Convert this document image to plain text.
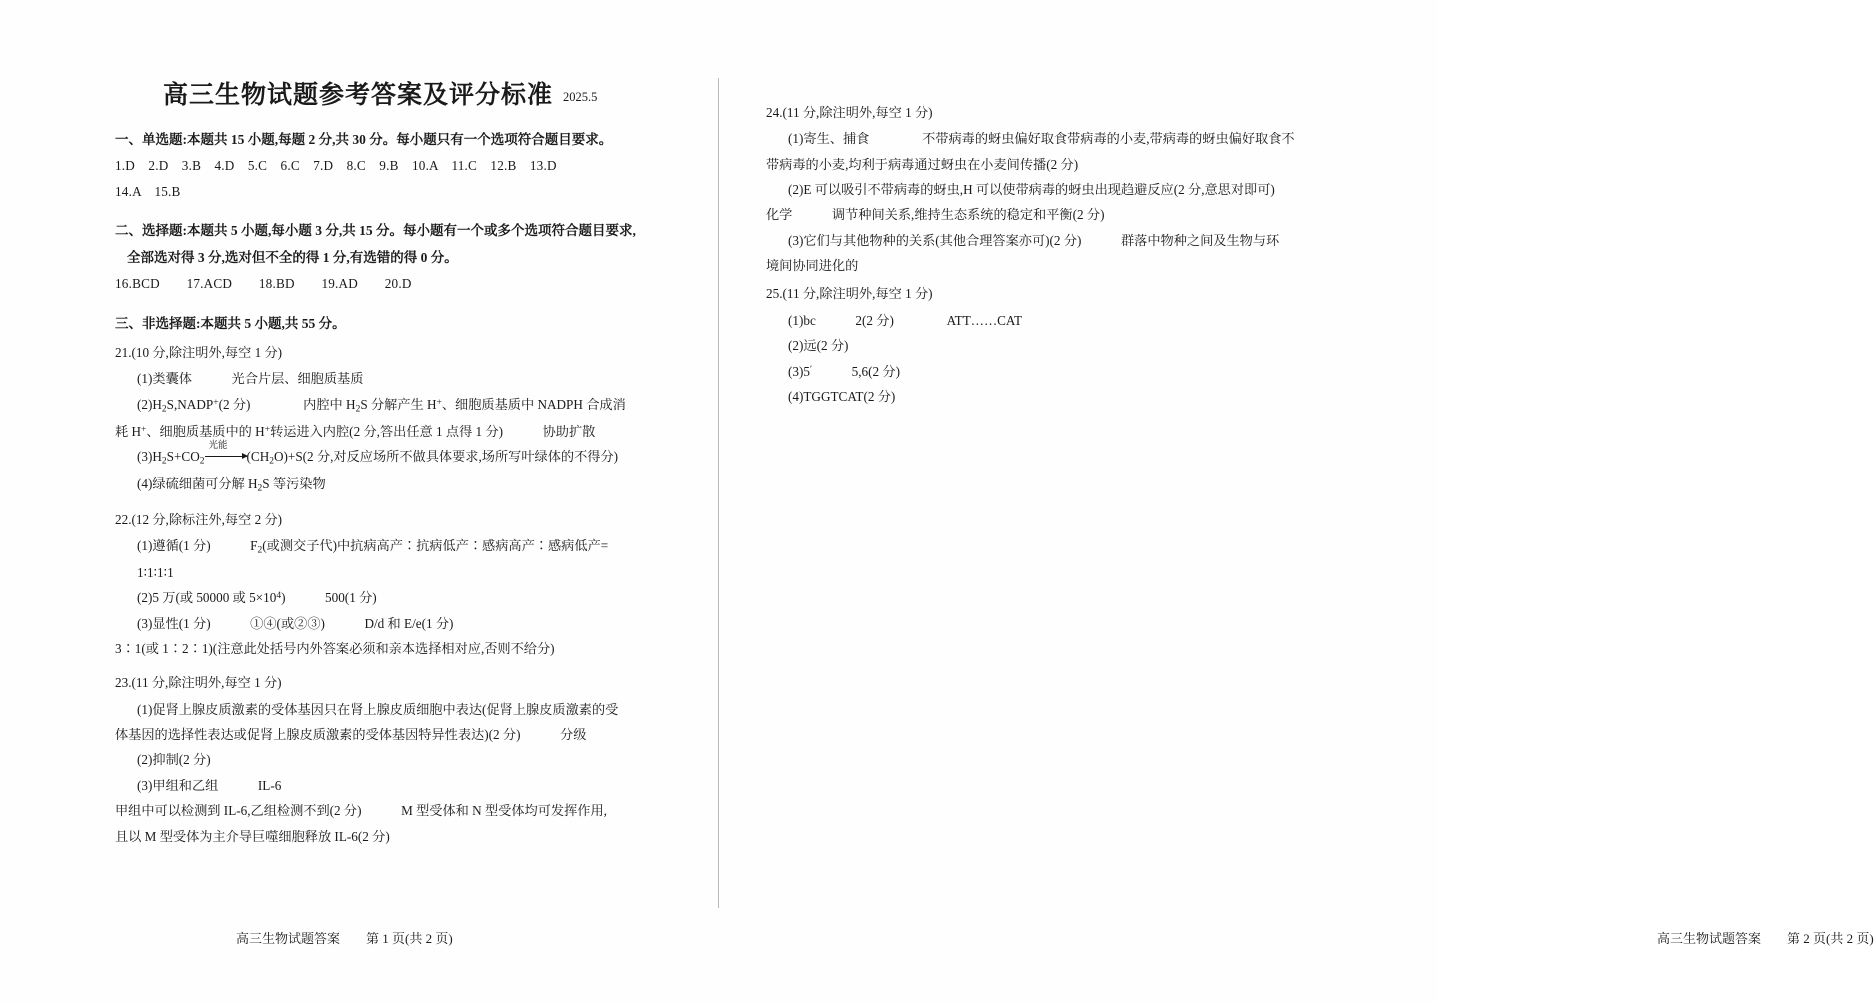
高三生物试题参考答案及评分标准 2025.5
一、单选题:本题共 15 小题,每题 2 分,共 30 分。每小题只有一个选项符合题目要求。
1.D　2.D　3.B　4.D　5.C　6.C　7.D　8.C　9.B　10.A　11.C　12.B　13.D
14.A　15.B
二、选择题:本题共 5 小题,每小题 3 分,共 15 分。每小题有一个或多个选项符合题目要求,
全部选对得 3 分,选对但不全的得 1 分,有选错的得 0 分。
16.BCD　　17.ACD　　18.BD　　19.AD　　20.D
三、非选择题:本题共 5 小题,共 55 分。
21.(10 分,除注明外,每空 1 分)
(1)类囊体　　　光合片层、细胞质基质
$(2)H_2S,NADP^+(2$ 分)　　　　内腔中 $H_2S$ 分解产生 H+、细胞质基质中 NADPH 合成消
耗 H+、细胞质基质中的 H+转运进入内腔(2 分,答出任意 1 点得 1 分)　　　协助扩散
$(3)H_2S+CO_2$
光能
$(CH_2O)+S(2$ 分,对反应场所不做具体要求,场所写叶绿体的不得分)
(4)绿硫细菌可分解 $H_2S$ 等污染物
22.(12 分,除标注外,每空 2 分)
(1)遵循(1 分)　　　$F_2$(或测交子代)中抗病高产∶抗病低产∶感病高产∶感病低产=
1∶1∶1∶1
(2)5 万(或 50000 或 $5\times 10^4$)　　　500(1 分)
(3)显性(1 分)　　　①④(或②③)　　　D/d 和 E/e(1 分)
3∶1(或 1∶2∶1)(注意此处括号内外答案必须和亲本选择相对应,否则不给分)
23.(11 分,除注明外,每空 1 分)
(1)促肾上腺皮质激素的受体基因只在肾上腺皮质细胞中表达(促肾上腺皮质激素的受
体基因的选择性表达或促肾上腺皮质激素的受体基因特异性表达)(2 分)　　　分级
(2)抑制(2 分)
(3)甲组和乙组　　　IL-6
甲组中可以检测到 IL-6,乙组检测不到(2 分)　　　M 型受体和 N 型受体均可发挥作用,
且以 M 型受体为主介导巨噬细胞释放 IL-6(2 分)
高三生物试题答案　　第 1 页(共 2 页)
24.(11 分,除注明外,每空 1 分)
(1)寄生、捕食　　　　不带病毒的蚜虫偏好取食带病毒的小麦,带病毒的蚜虫偏好取食不
带病毒的小麦,均利于病毒通过蚜虫在小麦间传播(2 分)
(2)E 可以吸引不带病毒的蚜虫,H 可以使带病毒的蚜虫出现趋避反应(2 分,意思对即可)
化学　　　调节种间关系,维持生态系统的稳定和平衡(2 分)
(3)它们与其他物种的关系(其他合理答案亦可)(2 分)　　　群落中物种之间及生物与环
境间协同进化的
25.(11 分,除注明外,每空 1 分)
(1)bc　　　2(2 分)　　　　ATT……CAT
(2)远(2 分)
(3)5′　　　5,6(2 分)
(4)TGGTCAT(2 分)
高三生物试题答案　　第 2 页(共 2 页)
